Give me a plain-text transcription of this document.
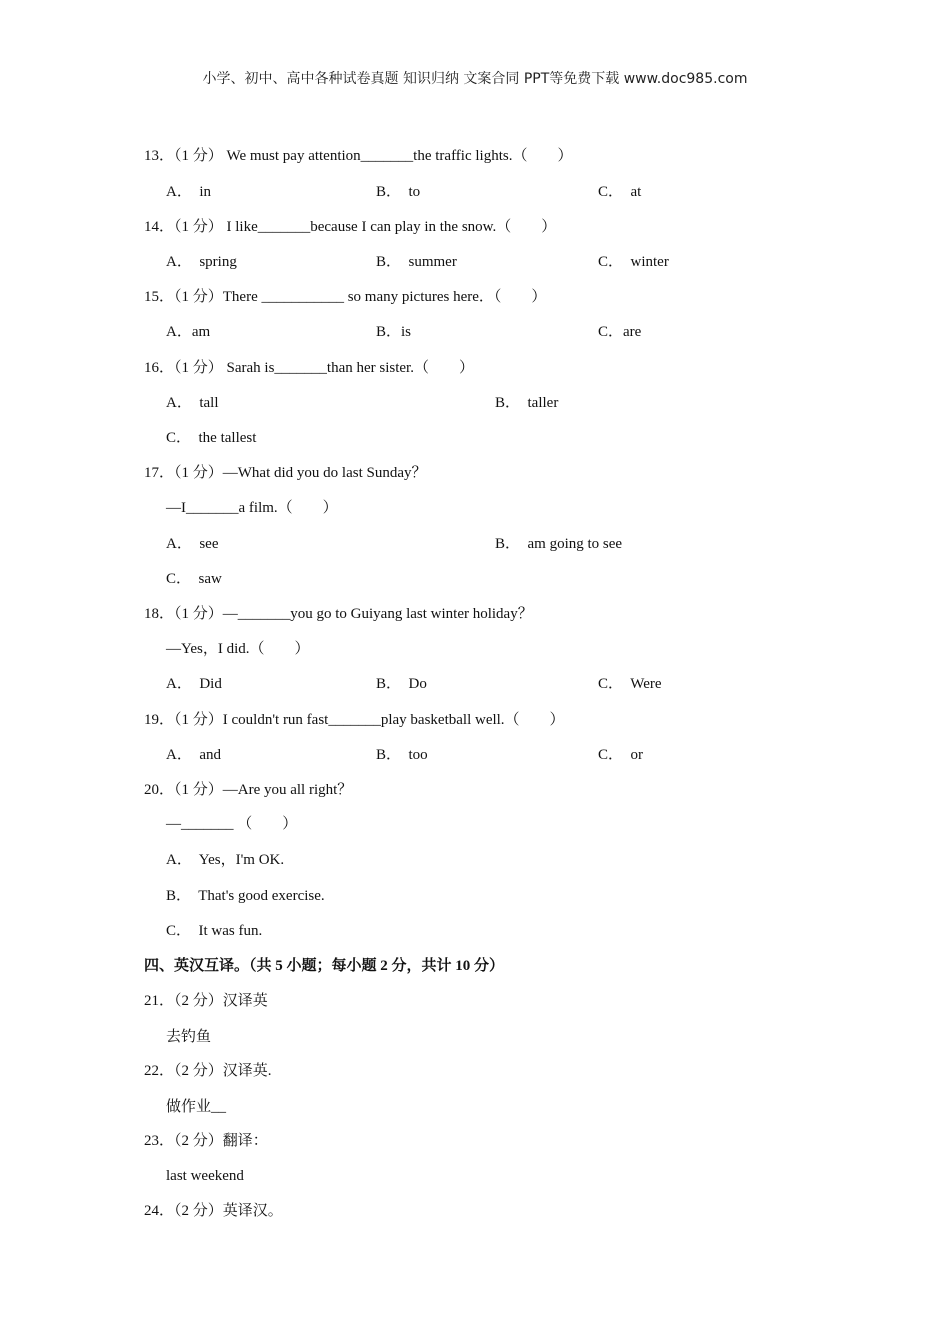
小学、初中、高中各种试卷真题 知识归纳 文案合同 PPT等免费下载 www.doc985.com
13．（1 分） We must pay attention_______the traffic lights.（　　）
A．  in	B．  to	C．  at
14．（1 分） I like_______because I can play in the snow.（　　）
A．  spring	B．  summer	C．  winter
15．（1 分）There ___________ so many pictures here．（　　）
A．am	B．is	C．are
16．（1 分） Sarah is_______than her sister.（　　）
A．  tall	B．  taller
C．  the tallest
17．（1 分）—What did you do last Sunday？
—I_______a film.（　　）
A．  see	B．  am going to see
C．  saw
18．（1 分）—_______you go to Guiyang last winter holiday？
—Yes，I did.（　　）
A．  Did	B．  Do	C．  Were
19．（1 分）I couldn't run fast_______play basketball well.（　　）
A．  and	B．  too	C．  or
20．（1 分）—Are you all right？
—_______ （　　）
A．  Yes，I'm OK.
B．  That's good exercise.
C．  It was fun.
四、英汉互译。（共 5 小题；每小题 2 分，共计 10 分）
21．（2 分）汉译英
去钓鱼
22．（2 分）汉译英.
做作业__
23．（2 分）翻译：
last weekend
24．（2 分）英译汉。
